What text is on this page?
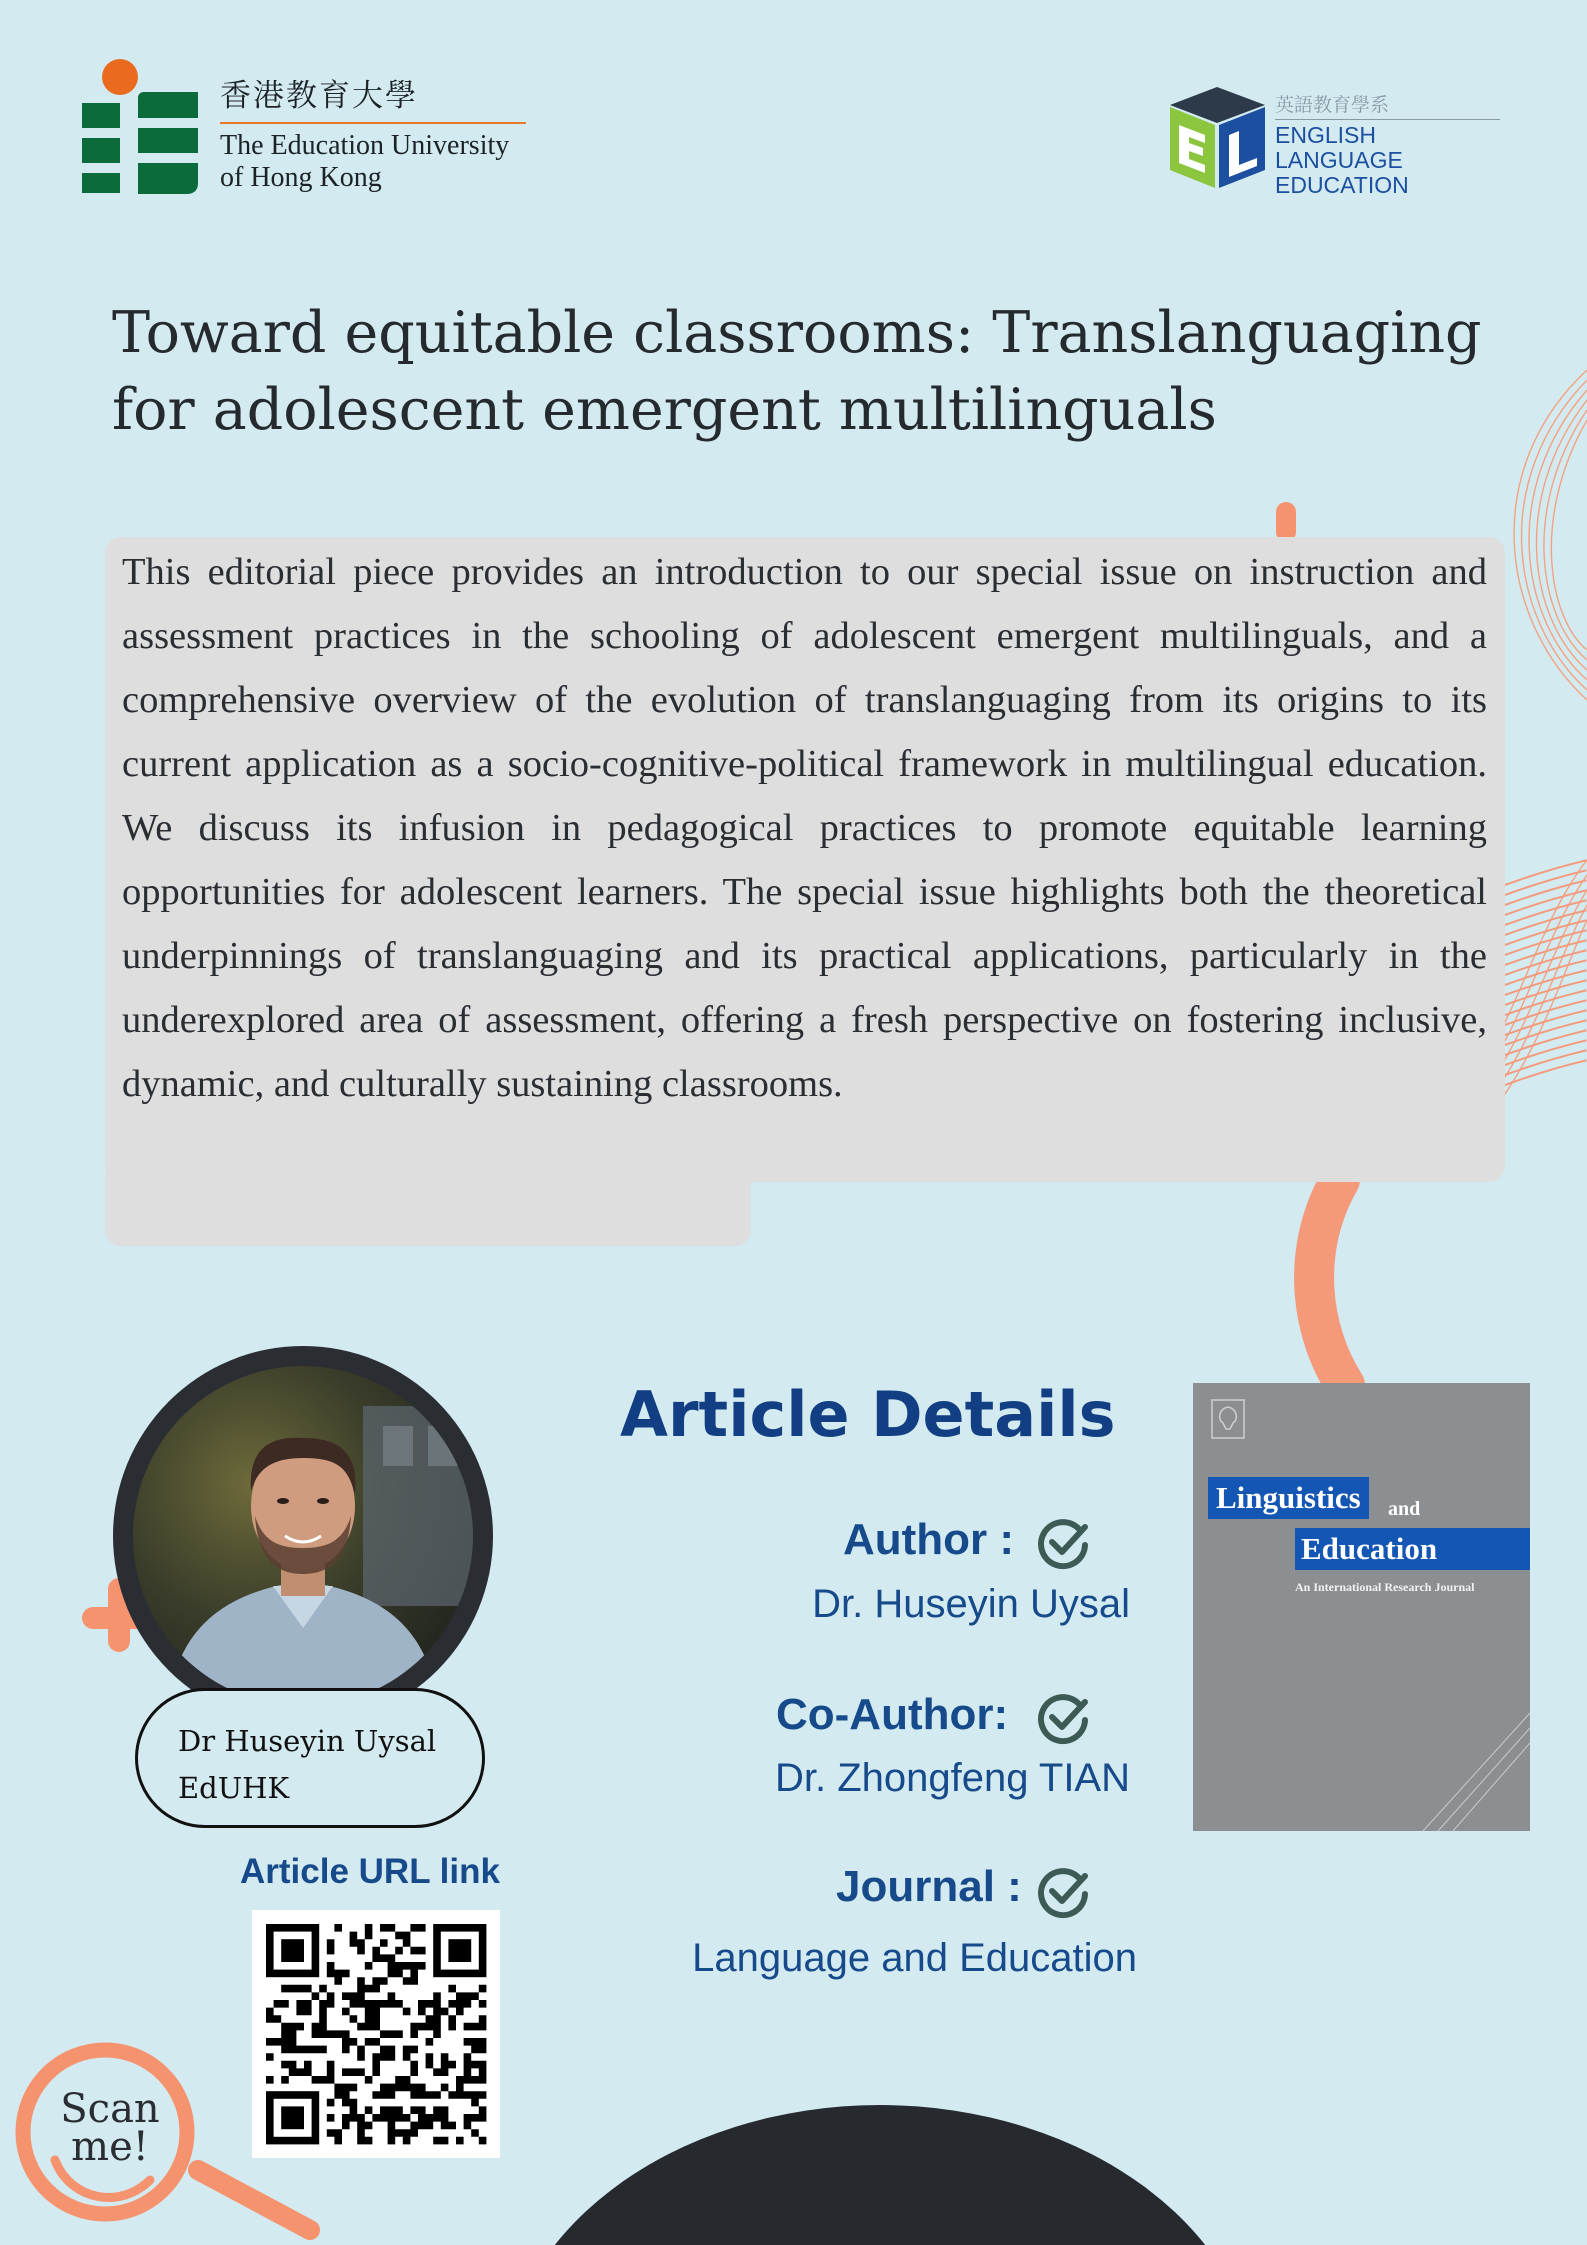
香港教育大學
The Education University
of Hong Kong
英語教育學系
ENGLISH LANGUAGE
EDUCATION
Toward equitable classrooms: Translanguaging for adolescent emergent multilinguals

This editorial piece provides an introduction to our special issue on instruction and assessment practices in the schooling of adolescent emergent multilinguals, and a comprehensive overview of the evolution of translanguaging from its origins to its current application as a socio-cognitive-political framework in multilingual education. We discuss its infusion in pedagogical practices to promote equitable learning opportunities for adolescent learners. The special issue highlights both the theoretical underpinnings of translanguaging and its practical applications, particularly in the underexplored area of assessment, offering a fresh perspective on fostering inclusive, dynamic, and culturally sustaining classrooms.

Dr Huseyin Uysal
EdUHK
Article Details
Author :
Dr. Huseyin Uysal
Co-Author:
Dr. Zhongfeng TIAN
Journal :
Language and Education
Linguistics	and
Education
An International Research Journal
Article URL link
Scan
me!
